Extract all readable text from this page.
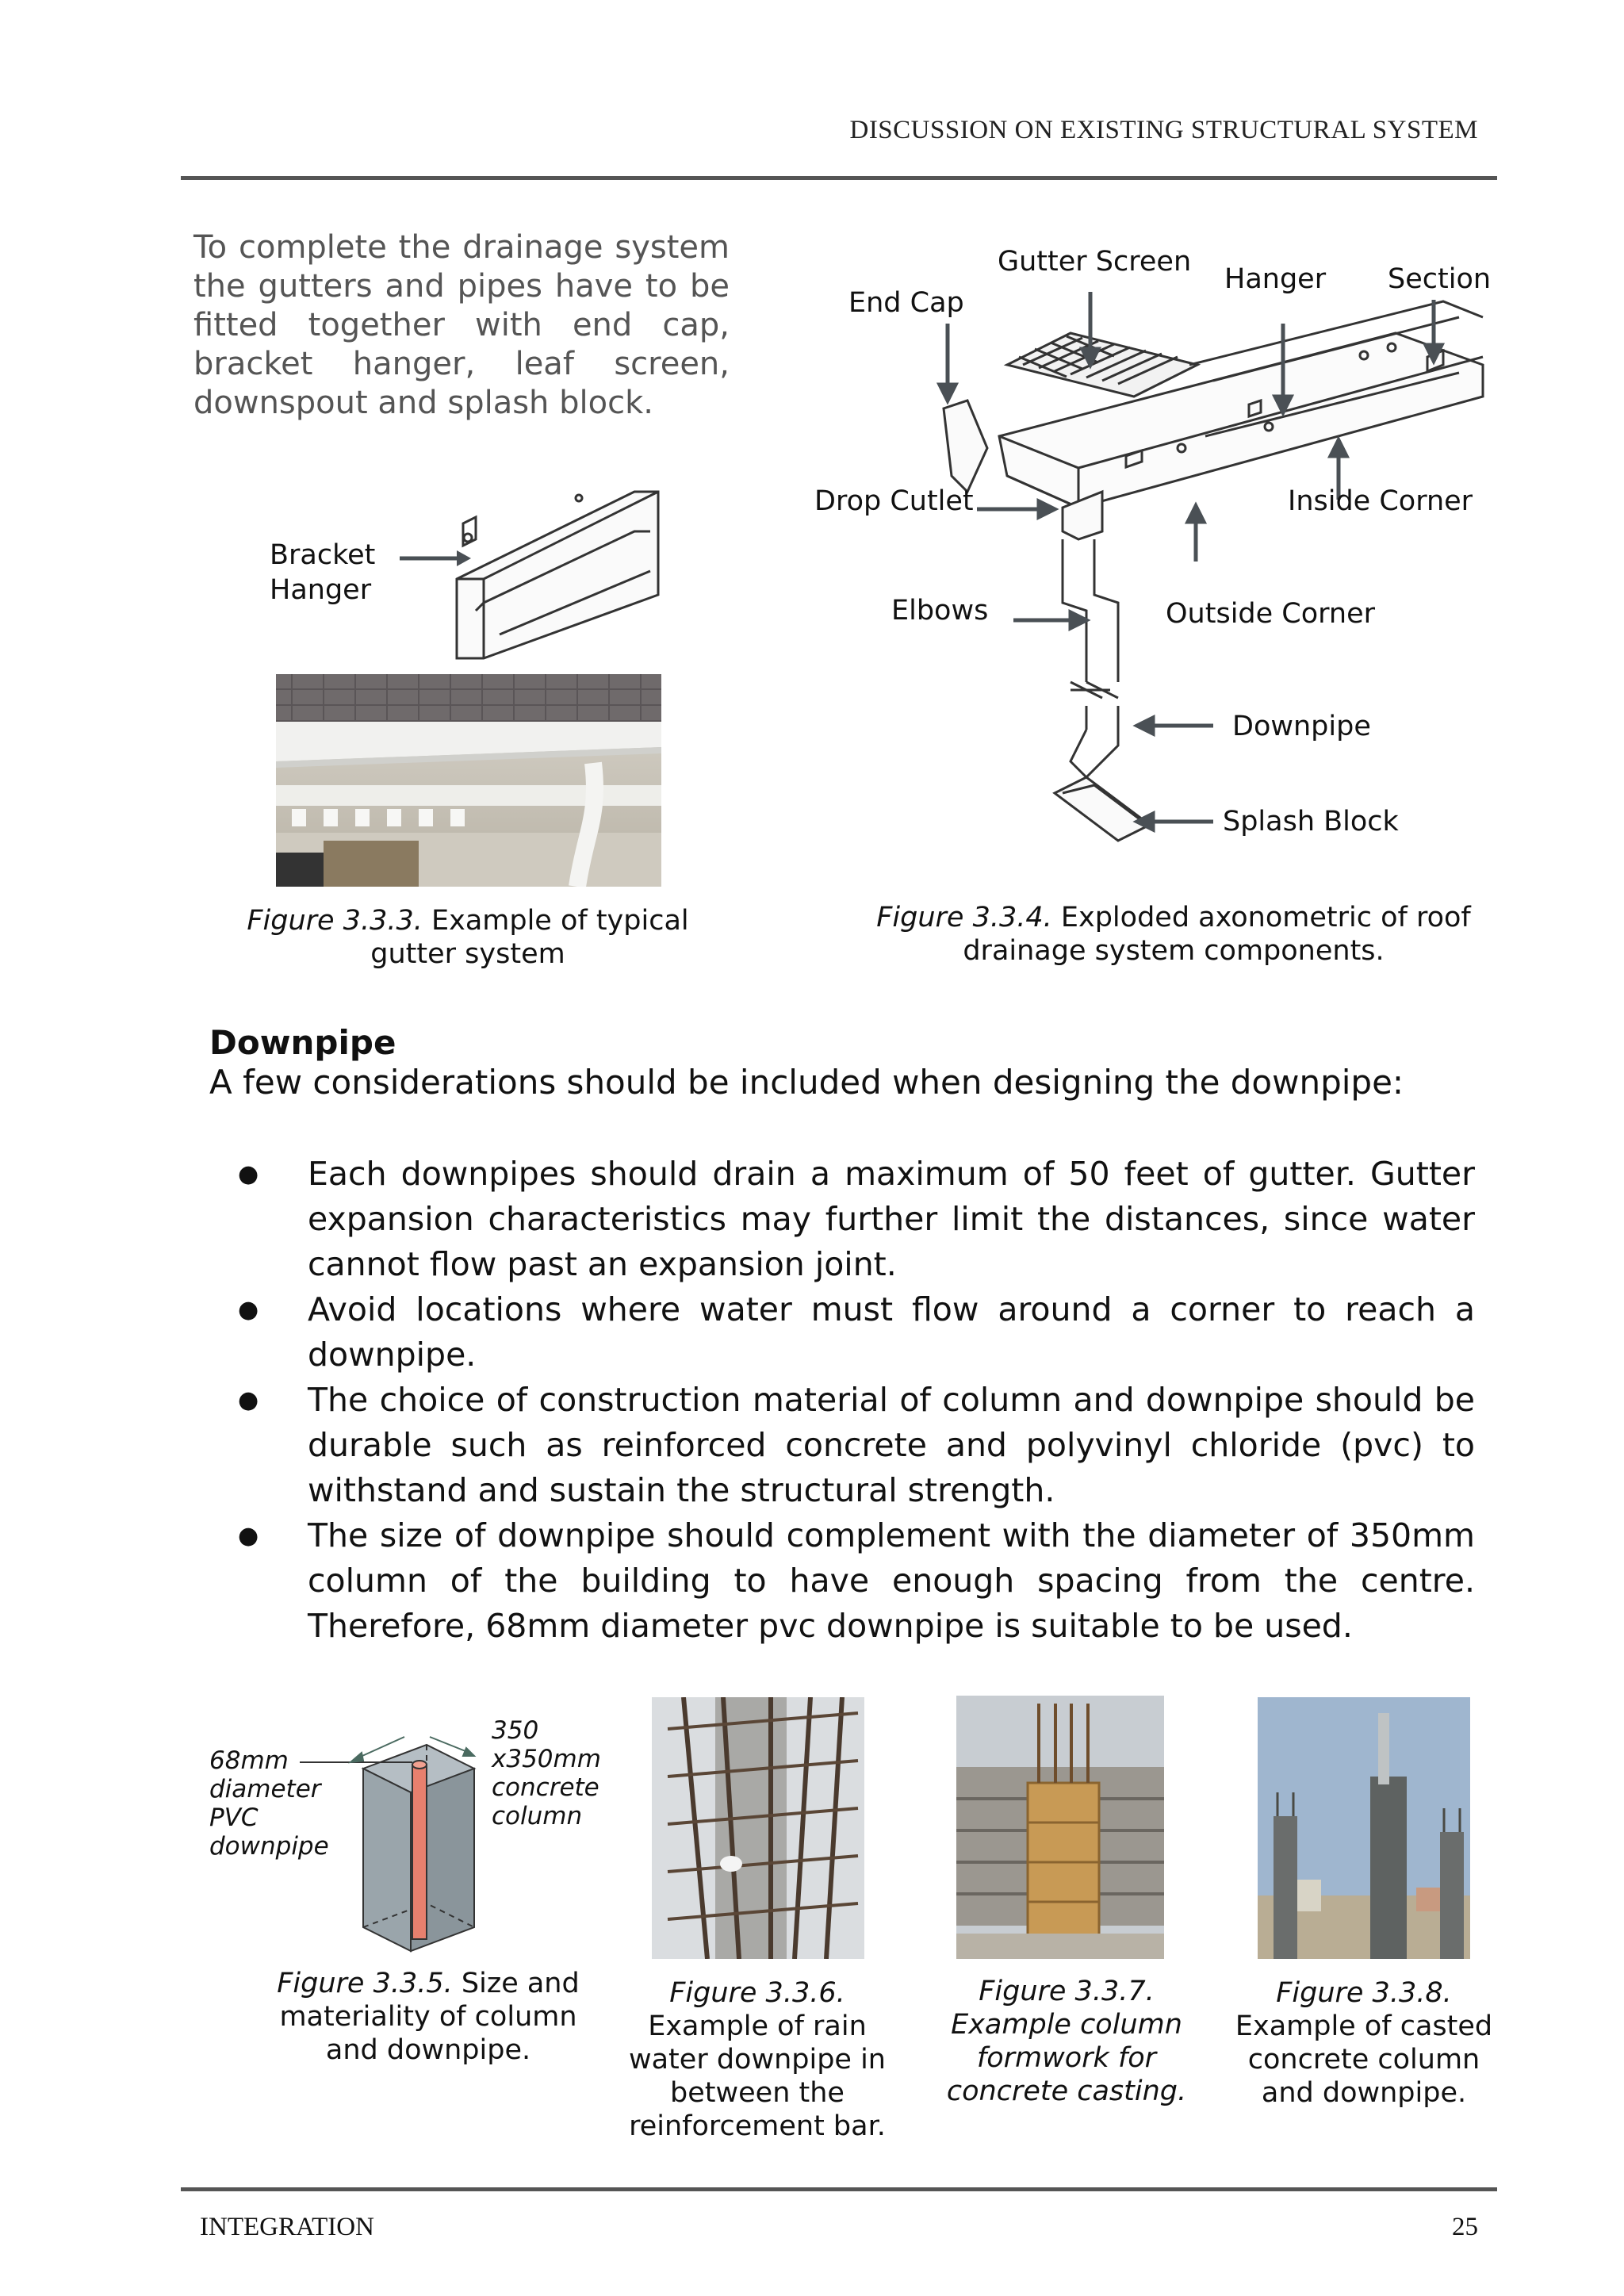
DISCUSSION ON EXISTING STRUCTURAL SYSTEM
To complete the drainage system the gutters and pipes have to be fitted together with end cap, bracket hanger, leaf screen, downspout and splash block.
Bracket
Hanger
Figure 3.3.3. Example of typical gutter system
Gutter Screen
Hanger Section
End Cap
Drop Cutlet	Inside Corner
Elbows	Outside Corner
Downpipe
Splash Block
Figure 3.3.4. Exploded axonometric of roof drainage system components.
Downpipe
A few considerations should be included when designing the downpipe:
● Each downpipes should drain a maximum of 50 feet of gutter. Gutter expansion characteristics may further limit the distances, since water cannot flow past an expansion joint.
● Avoid locations where water must flow around a corner to reach a downpipe.
● The choice of construction material of column and downpipe should be durable such as reinforced concrete and polyvinyl chloride (pvc) to withstand and sustain the structural strength.
● The size of downpipe should complement with the diameter of 350mm column of the building to have enough spacing from the centre. Therefore, 68mm diameter pvc downpipe is suitable to be used.
68mm
diameter
PVC
downpipe
350
x350mm
concrete
column
Figure 3.3.5. Size and materiality of column and downpipe.
Figure 3.3.6.
Example of rain water downpipe in between the reinforcement bar.
Figure 3.3.7.
Example column formwork for concrete casting.
Figure 3.3.8.
Example of casted concrete column and downpipe.
INTEGRATION	25
